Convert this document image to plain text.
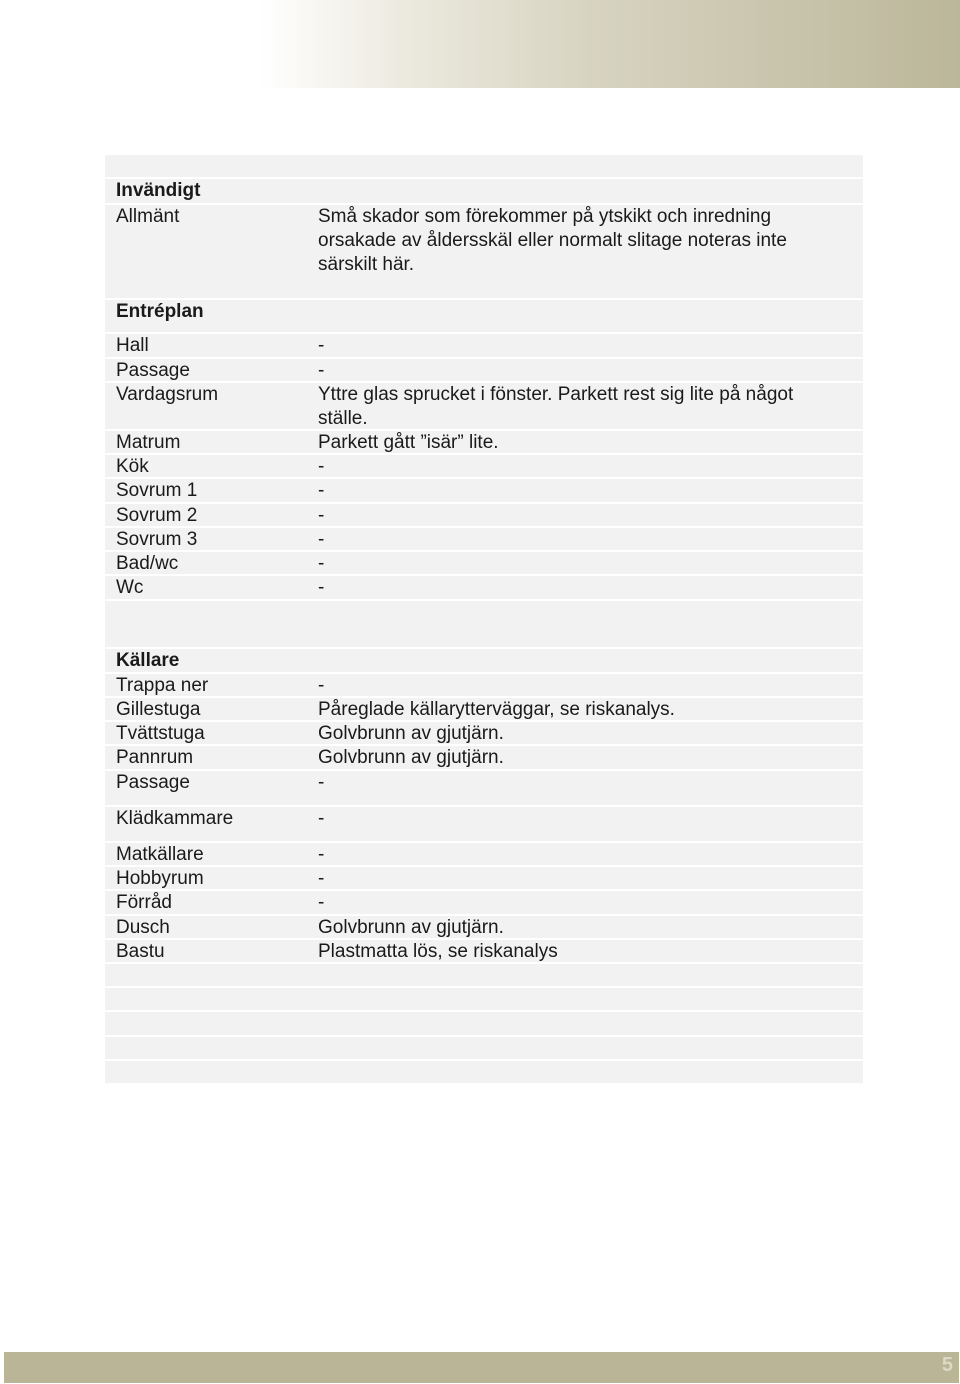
Invändigt
Allmänt	Små skador som förekommer på ytskikt och inredning orsakade av åldersskäl eller normalt slitage noteras inte särskilt här.
Entréplan
Hall	-
Passage	-
Vardagsrum	Yttre glas sprucket i fönster. Parkett rest sig lite på något ställe.
Matrum	Parkett gått ”isär” lite.
Kök	-
Sovrum 1	-
Sovrum 2	-
Sovrum 3	-
Bad/wc	-
Wc	-
Källare
Trappa ner	-
Gillestuga	Påreglade källarytterväggar, se riskanalys.
Tvättstuga	Golvbrunn av gjutjärn.
Pannrum	Golvbrunn av gjutjärn.
Passage	-
Klädkammare	-
Matkällare	-
Hobbyrum	-
Förråd	-
Dusch	Golvbrunn av gjutjärn.
Bastu	Plastmatta lös, se riskanalys
5
